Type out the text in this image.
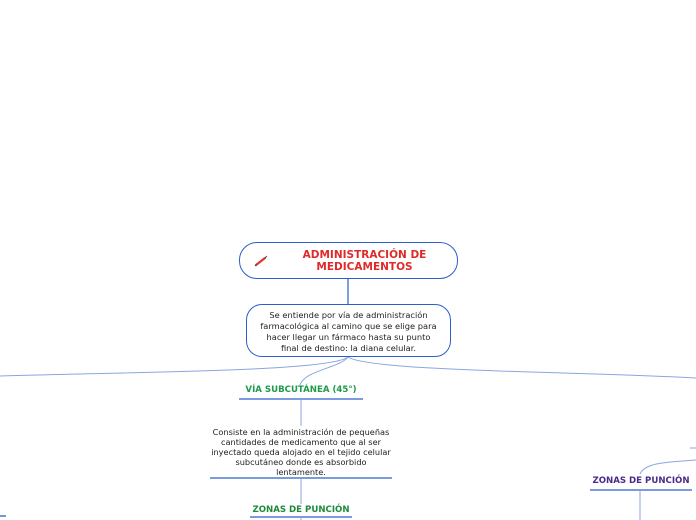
ADMINISTRACIÓN DE MEDICAMENTOS
Se entiende por vía de administración farmacológica al camino que se elige para hacer llegar un fármaco hasta su punto final de destino: la diana celular.
VÍA SUBCUTÁNEA (45°)
Consiste en la administración de pequeñas cantidades de medicamento que al ser inyectado queda alojado en el tejido celular subcutáneo donde es absorbido lentamente.
ZONAS DE PUNCIÓN
ZONAS DE PUNCIÓN
